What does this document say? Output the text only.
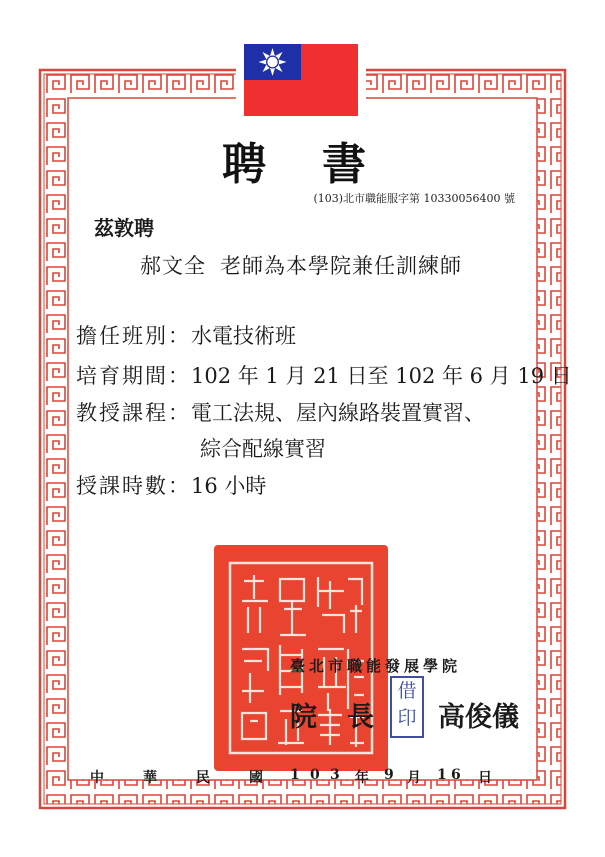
聘 書
(103)北市職能服字第 10330056400 號
茲敦聘
郝文全 老師為本學院兼任訓練師
擔任班別：水電技術班
培育期間：102 年 1 月 21 日至 102 年 6 月 19 日
教授課程：電工法規、屋內線路裝置實習、
綜合配線實習
授課時數：16 小時
臺北市職能發展學院
院 長 高俊儀
借印
中	華	民	國 1 0 3 年 9 月 1 6 日
